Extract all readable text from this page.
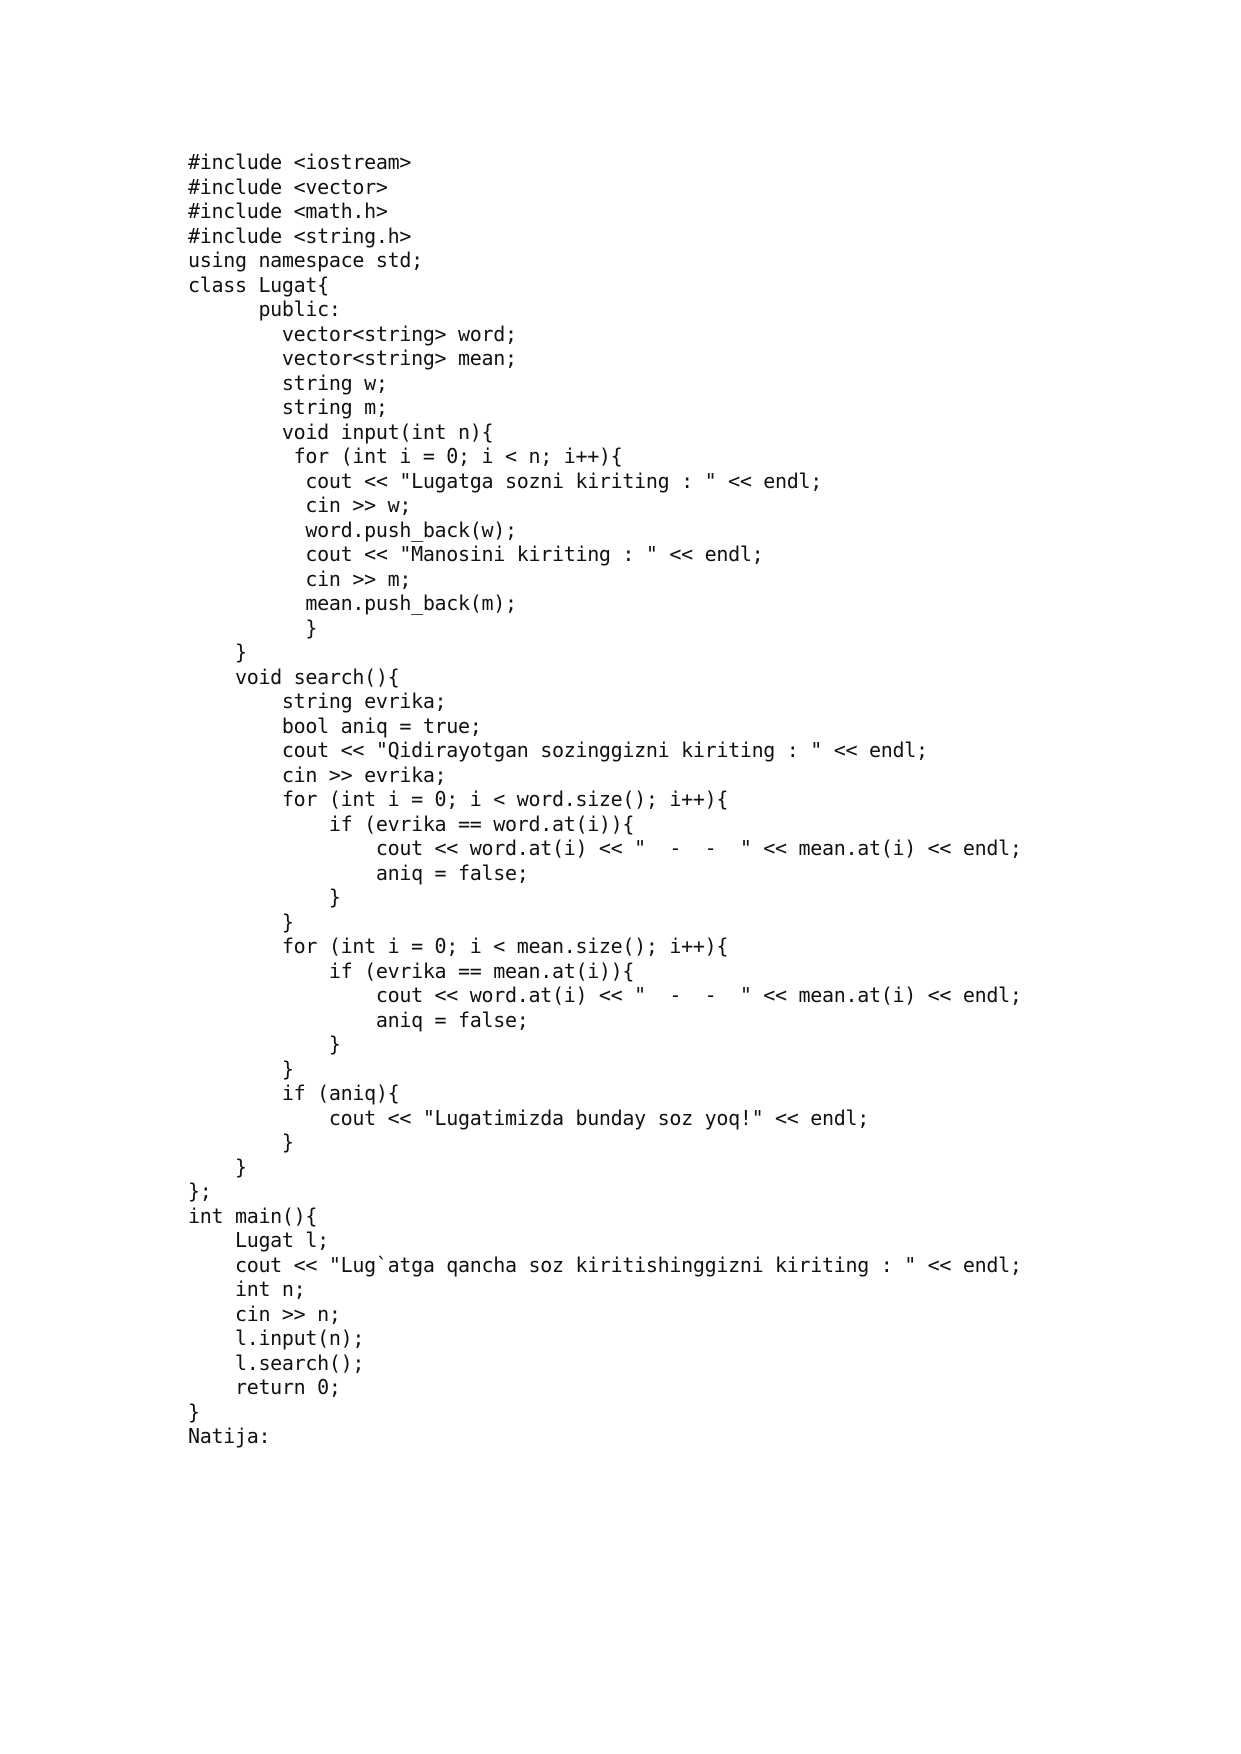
#include <iostream>
#include <vector>
#include <math.h>
#include <string.h>
using namespace std;
class Lugat{
public:
vector<string> word;
vector<string> mean;
string w;
string m;
void input(int n){
for (int i = 0; i < n; i++){
cout << "Lugatga sozni kiriting : " << endl;
cin >> w;
word.push_back(w);
cout << "Manosini kiriting : " << endl;
cin >> m;
mean.push_back(m);
}
}
void search(){
string evrika;
bool aniq = true;
cout << "Qidirayotgan sozinggizni kiriting : " << endl;
cin >> evrika;
for (int i = 0; i < word.size(); i++){
if (evrika == word.at(i)){
cout << word.at(i) << "  -  -  " << mean.at(i) << endl;
aniq = false;
}
}
for (int i = 0; i < mean.size(); i++){
if (evrika == mean.at(i)){
cout << word.at(i) << "  -  -  " << mean.at(i) << endl;
aniq = false;
}
}
if (aniq){
cout << "Lugatimizda bunday soz yoq!" << endl;
}
}
};
int main(){
Lugat l;
cout << "Lug`atga qancha soz kiritishinggizni kiriting : " << endl;
int n;
cin >> n;
l.input(n);
l.search();
return 0;
}
Natija:
